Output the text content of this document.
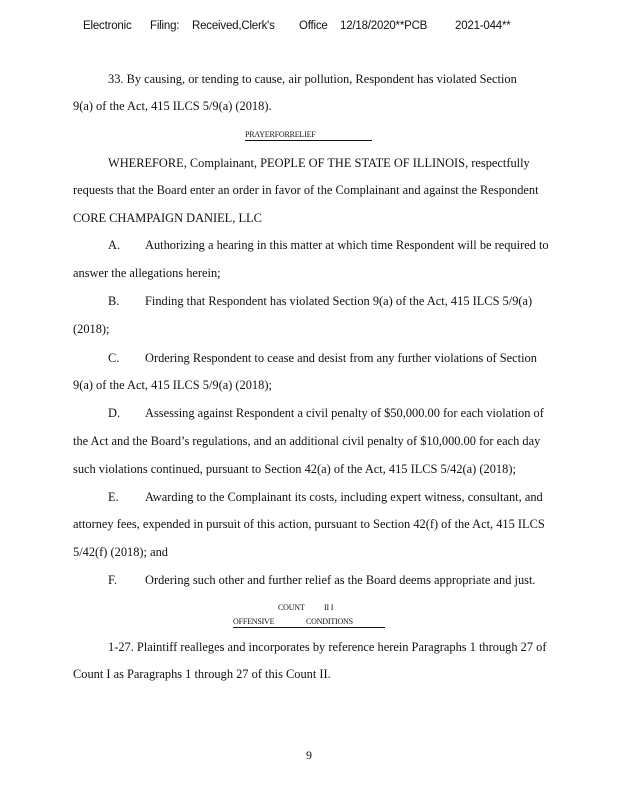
Electronic Filing: Received,Clerk's Office 12/18/2020**PCB 2021-044**
33. By causing, or tending to cause, air pollution, Respondent has violated Section
9(a) of the Act, 415 ILCS 5/9(a) (2018).
PRAYERFORRELIEF
WHEREFORE, Complainant, PEOPLE OF THE STATE OF ILLINOIS, respectfully
requests that the Board enter an order in favor of the Complainant and against the Respondent
CORE CHAMPAIGN DANIEL, LLC
A. Authorizing a hearing in this matter at which time Respondent will be required to
answer the allegations herein;
B. Finding that Respondent has violated Section 9(a) of the Act, 415 ILCS 5/9(a)
(2018);
C. Ordering Respondent to cease and desist from any further violations of Section
9(a) of the Act, 415 ILCS 5/9(a) (2018);
D. Assessing against Respondent a civil penalty of $50,000.00 for each violation of
the Act and the Board’s regulations, and an additional civil penalty of $10,000.00 for each day
such violations continued, pursuant to Section 42(a) of the Act, 415 ILCS 5/42(a) (2018);
E. Awarding to the Complainant its costs, including expert witness, consultant, and
attorney fees, expended in pursuit of this action, pursuant to Section 42(f) of the Act, 415 ILCS
5/42(f) (2018); and
F. Ordering such other and further relief as the Board deems appropriate and just.
COUNT II I
OFFENSIVE	CONDITIONS
1-27. Plaintiff realleges and incorporates by reference herein Paragraphs 1 through 27 of
Count I as Paragraphs 1 through 27 of this Count II.
9
